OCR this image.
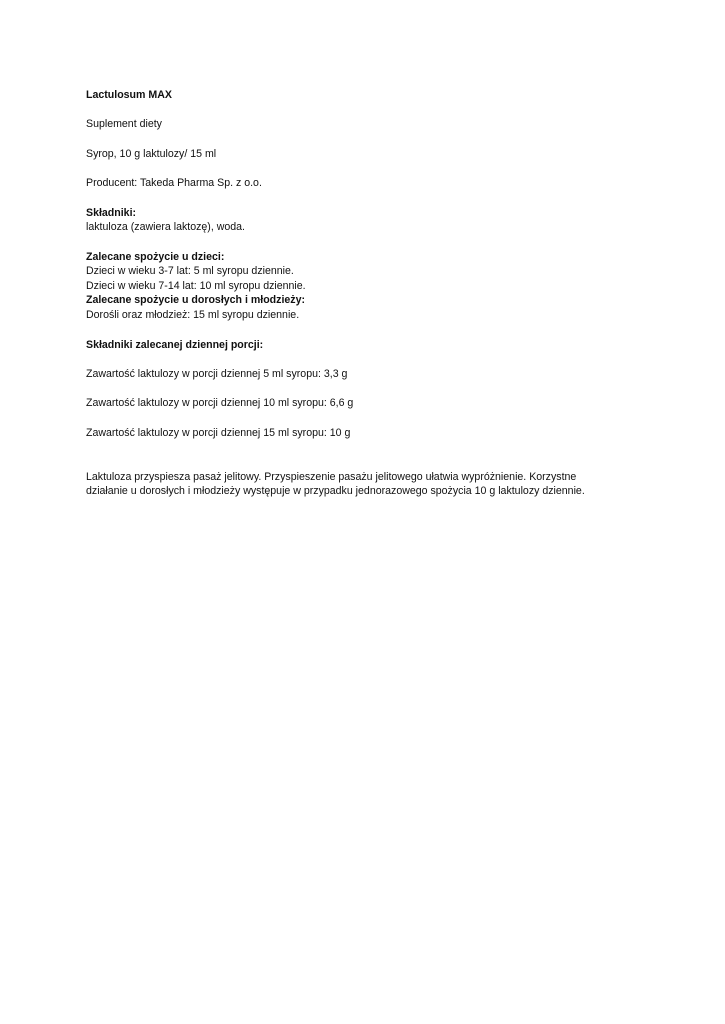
Lactulosum MAX

Suplement diety

Syrop, 10 g laktulozy/ 15 ml

Producent: Takeda Pharma Sp. z o.o.

Składniki:

laktuloza (zawiera laktozę), woda.

Zalecane spożycie u dzieci:

Dzieci w wieku 3-7 lat: 5 ml syropu dziennie.

Dzieci w wieku 7-14 lat: 10 ml syropu dziennie.

Zalecane spożycie u dorosłych i młodzieży:

Dorośli oraz młodzież: 15 ml syropu dziennie.

Składniki zalecanej dziennej porcji:

Zawartość laktulozy w porcji dziennej 5 ml syropu: 3,3 g

Zawartość laktulozy w porcji dziennej 10 ml syropu: 6,6 g

Zawartość laktulozy w porcji dziennej 15 ml syropu: 10 g

Laktuloza przyspiesza pasaż jelitowy. Przyspieszenie pasażu jelitowego ułatwia wypróżnienie. Korzystne

działanie u dorosłych i młodzieży występuje w przypadku jednorazowego spożycia 10 g laktulozy dziennie.
